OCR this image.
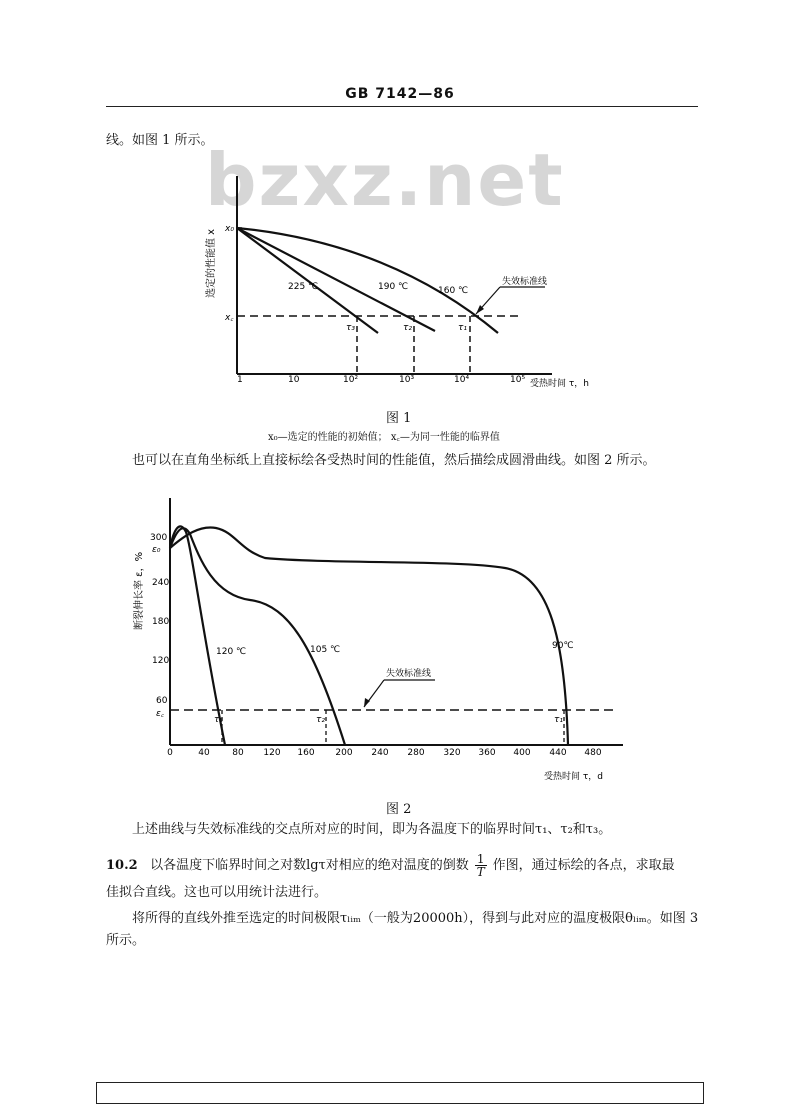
GB 7142—86
线。如图 1 所示。
bzxz.net
选定的性能值 x x₀
x꜀
1	10	10²	10³	10⁴	10⁵ 受热时间 τ，h
τ₃	τ₂	τ₁
225 ℃	190 ℃	160 ℃
失效标准线
图 1
x₀—选定的性能的初始值； x꜀—为同一性能的临界值
也可以在直角坐标纸上直接标绘各受热时间的性能值，然后描绘成圆滑曲线。如图 2 所示。
断裂伸长率 ε，%
300
ε₀
240
180
120
60
ε꜀
0	40	80 120 160 200 240 280 320 360 400 440 480
受热时间 τ，d
τ₃	τ₂	τ₁
120 ℃	105 ℃	90℃
失效标准线
图 2
上述曲线与失效标准线的交点所对应的时间，即为各温度下的临界时间τ₁、τ₂和τ₃。
10.2 以各温度下临界时间之对数lgτ对相应的绝对温度的倒数 $\frac{1}{T}$ 作图，通过标绘的各点，求取最
佳拟合直线。这也可以用统计法进行。
将所得的直线外推至选定的时间极限τₗᵢₘ（一般为20000h），得到与此对应的温度极限θₗᵢₘ。如图 3
所示。
